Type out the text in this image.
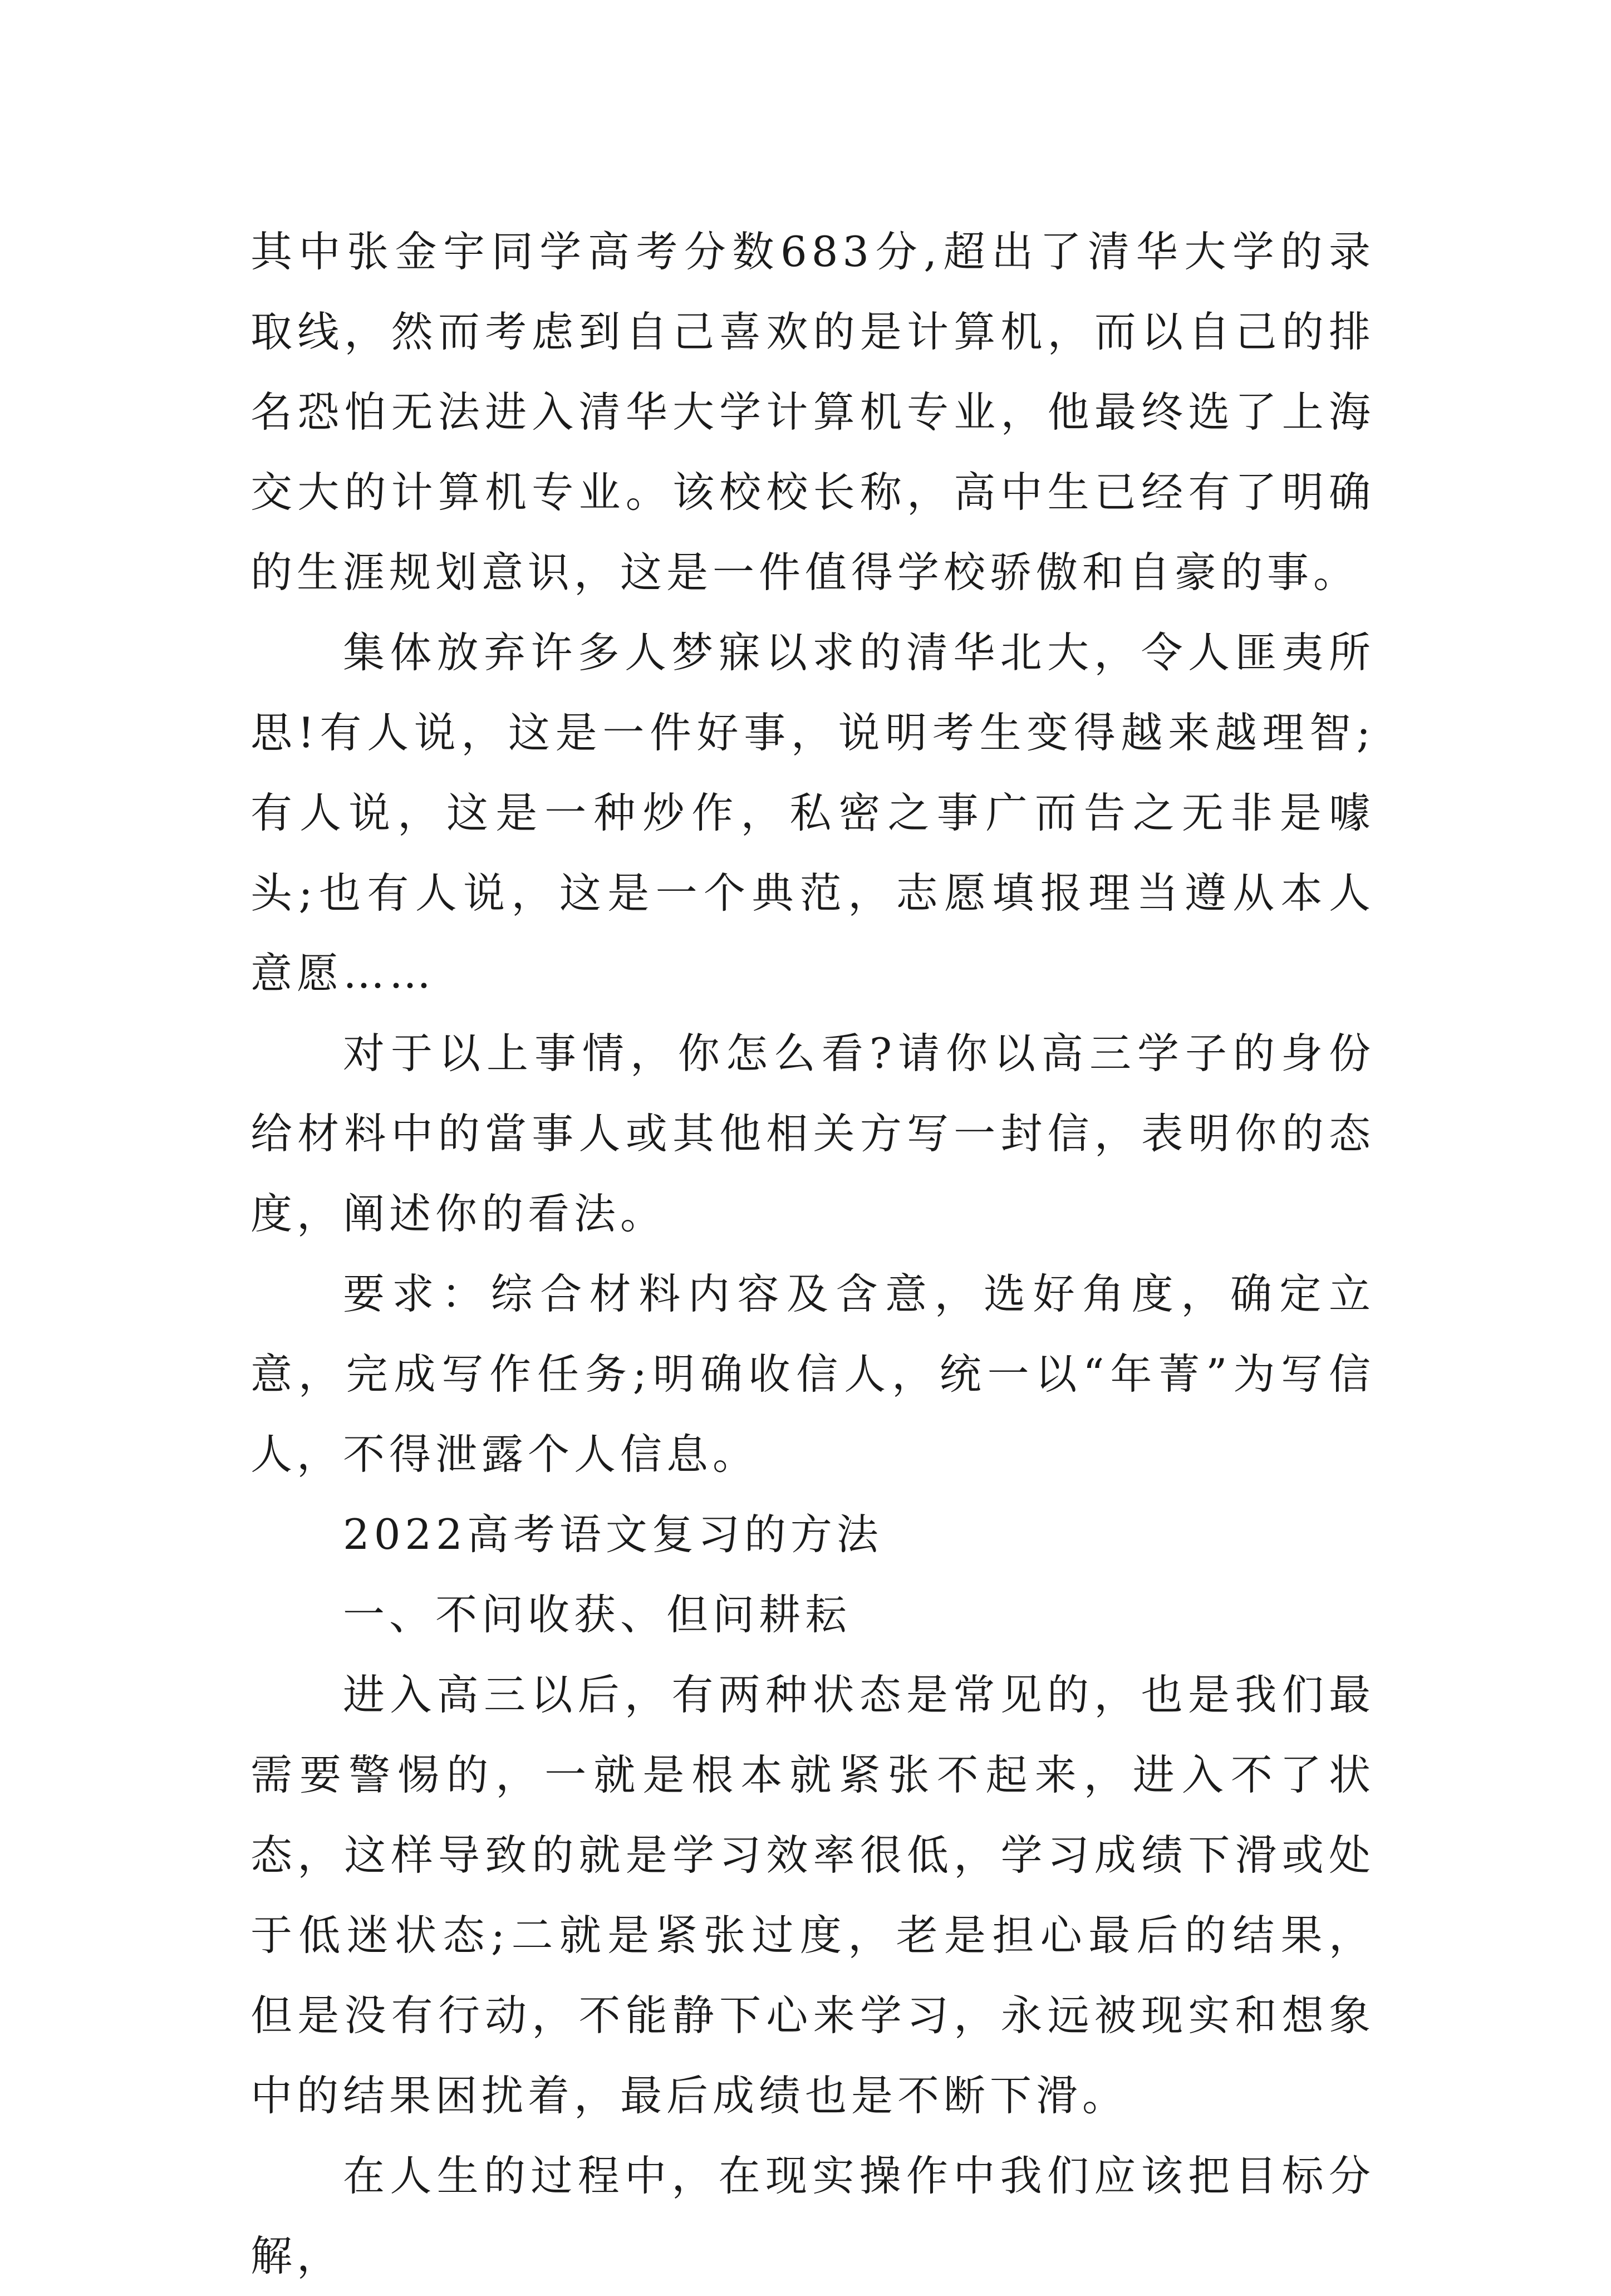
其中张金宇同学高考分数683分,超出了清华大学的录取线，然而考虑到自己喜欢的是计算机，而以自己的排名恐怕无法进入清华大学计算机专业，他最终选了上海交大的计算机专业。该校校长称，高中生已经有了明确的生涯规划意识，这是一件值得学校骄傲和自豪的事。

集体放弃许多人梦寐以求的清华北大，令人匪夷所思!有人说，这是一件好事，说明考生变得越来越理智;有人说，这是一种炒作，私密之事广而告之无非是噱头;也有人说，这是一个典范，志愿填报理当遵从本人意愿……

对于以上事情，你怎么看?请你以高三学子的身份给材料中的當事人或其他相关方写一封信，表明你的态度，阐述你的看法。

要求：综合材料内容及含意，选好角度，确定立意，完成写作任务;明确收信人，统一以“年菁”为写信人，不得泄露个人信息。

2022高考语文复习的方法

一、不问收获、但问耕耘

进入高三以后，有两种状态是常见的，也是我们最需要警惕的，一就是根本就紧张不起来，进入不了状态，这样导致的就是学习效率很低，学习成绩下滑或处于低迷状态;二就是紧张过度，老是担心最后的结果，但是没有行动，不能静下心来学习，永远被现实和想象中的结果困扰着，最后成绩也是不断下滑。

在人生的过程中，在现实操作中我们应该把目标分解，
